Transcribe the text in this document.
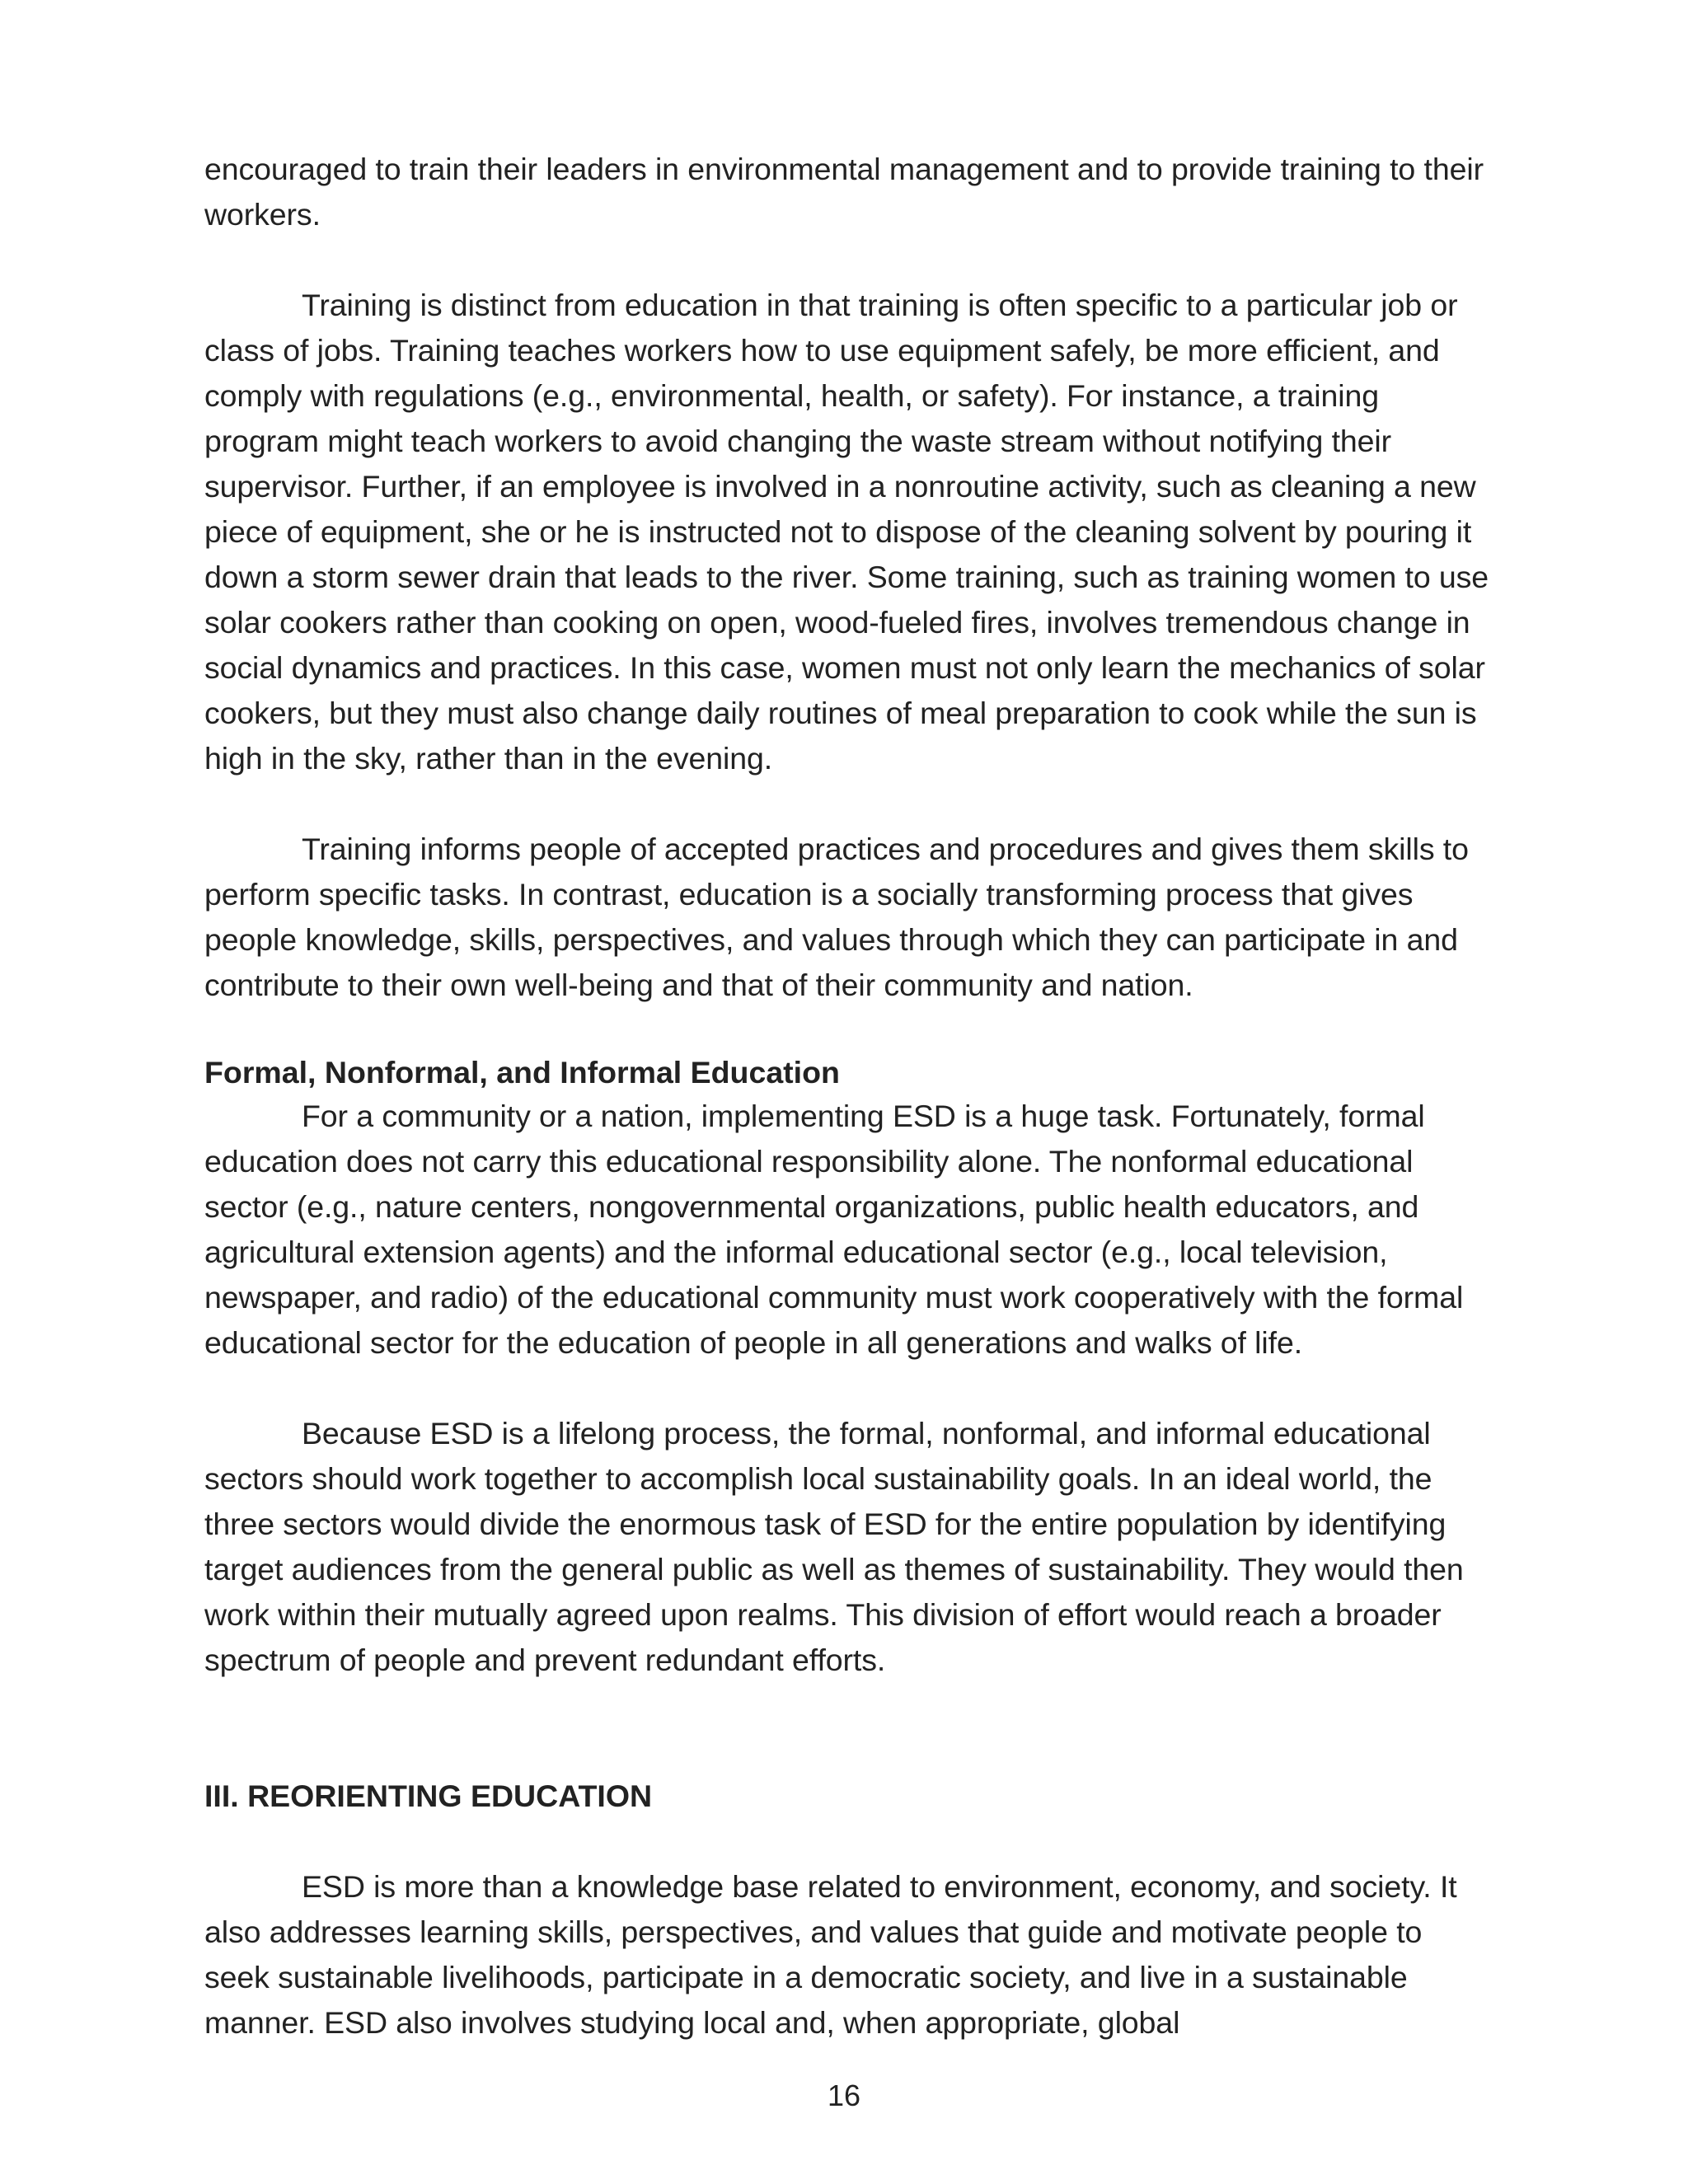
encouraged to train their leaders in environmental management and to provide training to their workers.

Training is distinct from education in that training is often specific to a particular job or class of jobs. Training teaches workers how to use equipment safely, be more efficient, and comply with regulations (e.g., environmental, health, or safety). For instance, a training program might teach workers to avoid changing the waste stream without notifying their supervisor. Further, if an employee is involved in a nonroutine activity, such as cleaning a new piece of equipment, she or he is instructed not to dispose of the cleaning solvent by pouring it down a storm sewer drain that leads to the river. Some training, such as training women to use solar cookers rather than cooking on open, wood-fueled fires, involves tremendous change in social dynamics and practices. In this case, women must not only learn the mechanics of solar cookers, but they must also change daily routines of meal preparation to cook while the sun is high in the sky, rather than in the evening.

Training informs people of accepted practices and procedures and gives them skills to perform specific tasks. In contrast, education is a socially transforming process that gives people knowledge, skills, perspectives, and values through which they can participate in and contribute to their own well-being and that of their community and nation.

Formal, Nonformal, and Informal Education

For a community or a nation, implementing ESD is a huge task. Fortunately, formal education does not carry this educational responsibility alone. The nonformal educational sector (e.g., nature centers, nongovernmental organizations, public health educators, and agricultural extension agents) and the informal educational sector (e.g., local television, newspaper, and radio) of the educational community must work cooperatively with the formal educational sector for the education of people in all generations and walks of life.

Because ESD is a lifelong process, the formal, nonformal, and informal educational sectors should work together to accomplish local sustainability goals. In an ideal world, the three sectors would divide the enormous task of ESD for the entire population by identifying target audiences from the general public as well as themes of sustainability. They would then work within their mutually agreed upon realms. This division of effort would reach a broader spectrum of people and prevent redundant efforts.

III. REORIENTING EDUCATION

ESD is more than a knowledge base related to environment, economy, and society. It also addresses learning skills, perspectives, and values that guide and motivate people to seek sustainable livelihoods, participate in a democratic society, and live in a sustainable manner. ESD also involves studying local and, when appropriate, global

16
